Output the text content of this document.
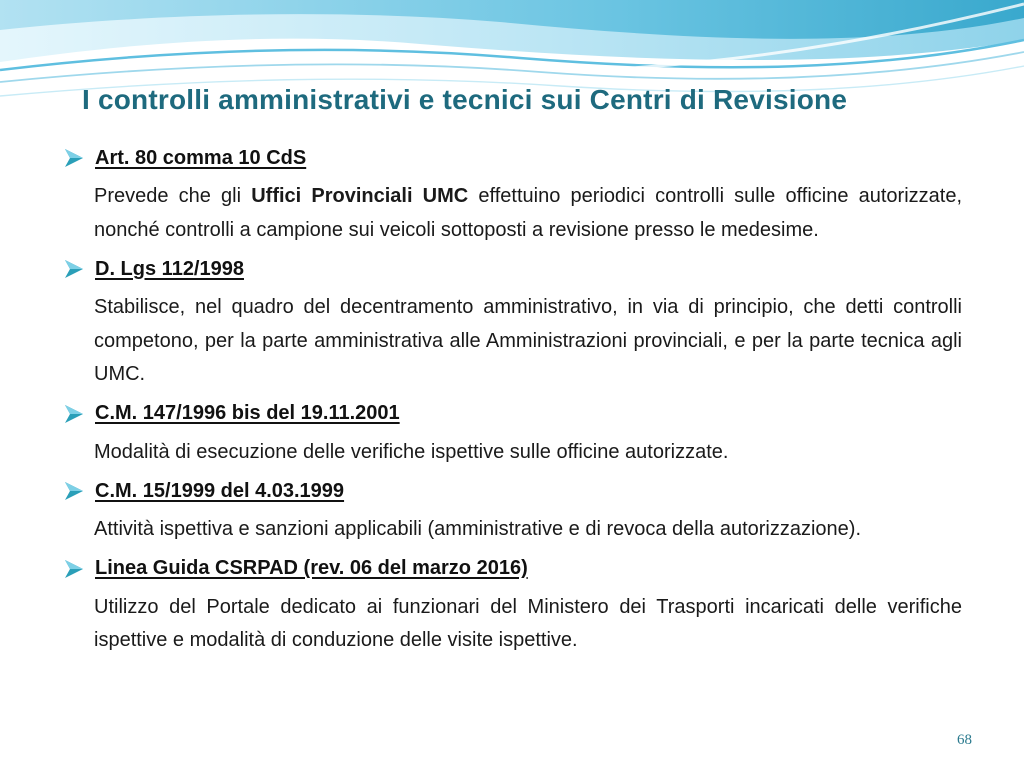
I controlli amministrativi e tecnici sui Centri di Revisione
Art. 80 comma 10 CdS

Prevede che gli Uffici Provinciali UMC effettuino periodici controlli sulle officine autorizzate, nonché controlli a campione sui veicoli sottoposti a revisione presso le medesime.

D. Lgs 112/1998

Stabilisce, nel quadro del decentramento amministrativo, in via di principio, che detti controlli competono, per la parte amministrativa alle Amministrazioni provinciali, e per la parte tecnica agli UMC.

C.M. 147/1996 bis del 19.11.2001

Modalità di esecuzione delle verifiche ispettive sulle officine autorizzate.

C.M. 15/1999 del 4.03.1999

Attività ispettiva e sanzioni applicabili (amministrative e di revoca della autorizzazione).

Linea Guida CSRPAD (rev. 06 del marzo 2016)

Utilizzo del Portale dedicato ai funzionari del Ministero dei Trasporti incaricati delle verifiche ispettive e modalità di conduzione delle visite ispettive.

68
